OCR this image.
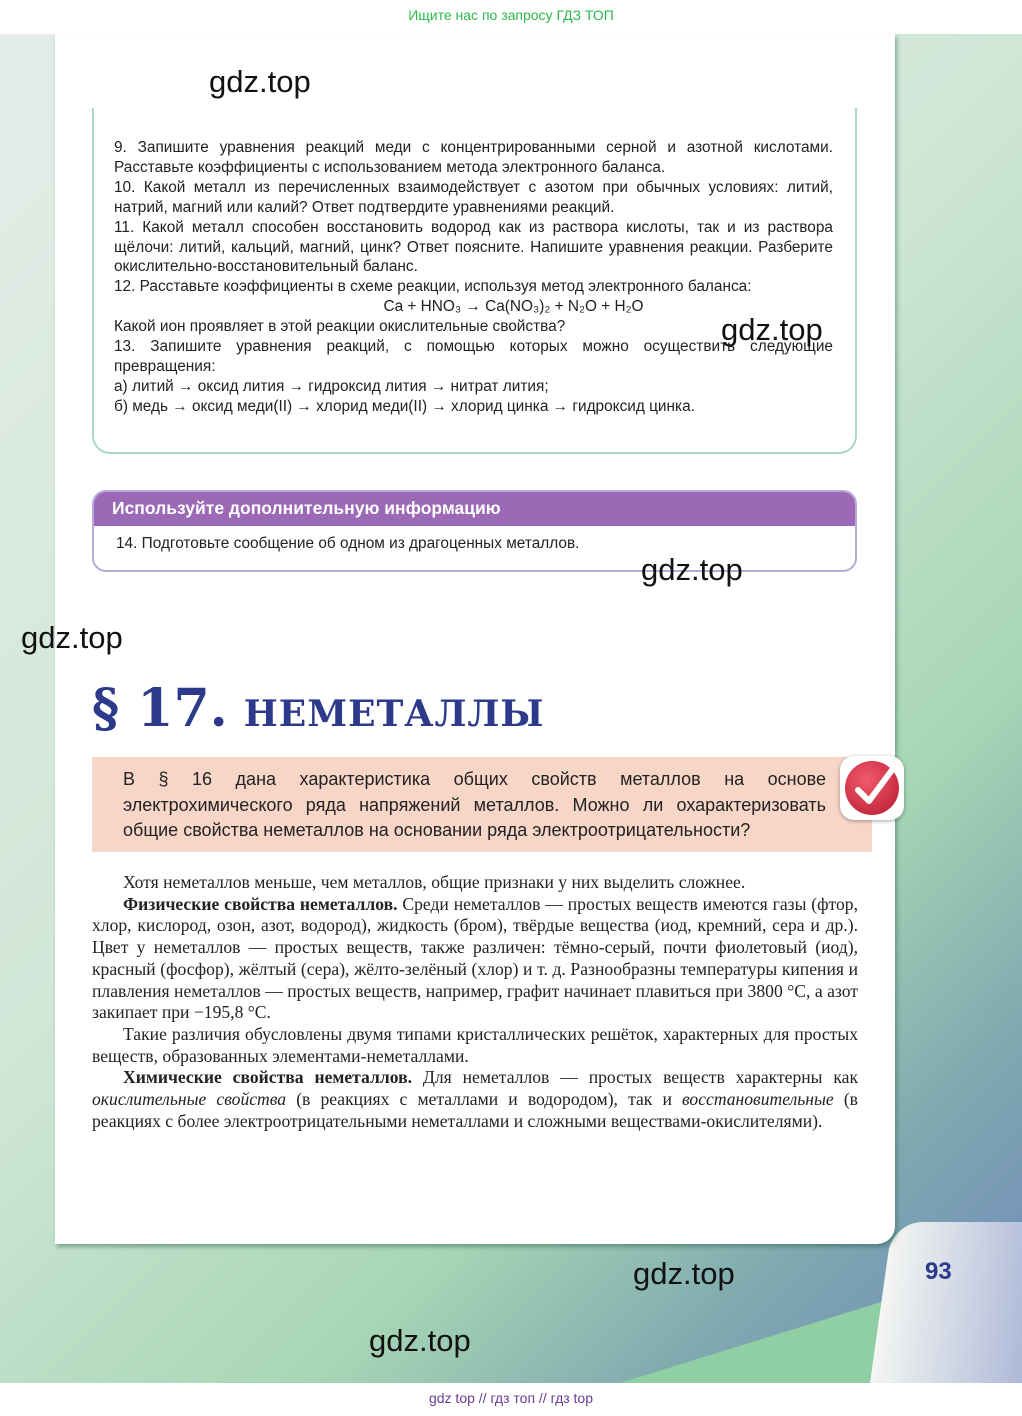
Ищите нас по запросу ГДЗ ТОП

9. Запишите уравнения реакций меди с концентрированными серной и азотной кислотами. Расставьте коэффициенты с использованием метода электронного баланса.

10. Какой металл из перечисленных взаимодействует с азотом при обычных условиях: литий, натрий, магний или калий? Ответ подтвердите уравнениями реакций.

11. Какой металл способен восстановить водород как из раствора кислоты, так и из раствора щёлочи: литий, кальций, магний, цинк? Ответ поясните. Напишите уравнения реакции. Разберите окислительно-восстановительный баланс.

12. Расставьте коэффициенты в схеме реакции, используя метод электронного баланса:

Ca + HNO₃ → Ca(NO₃)₂ + N₂O + H₂O

Какой ион проявляет в этой реакции окислительные свойства?

13. Запишите уравнения реакций, с помощью которых можно осуществить следующие превращения:

а) литий → оксид лития → гидроксид лития → нитрат лития;

б) медь → оксид меди(II) → хлорид меди(II) → хлорид цинка → гидроксид цинка.

Используйте дополнительную информацию
14. Подготовьте сообщение об одном из драгоценных металлов.
§ 17. НЕМЕТАЛЛЫ
В § 16 дана характеристика общих свойств металлов на основе электрохимического ряда напряжений металлов. Можно ли охарактеризовать общие свойства неметаллов на основании ряда электроотрицательности?

Хотя неметаллов меньше, чем металлов, общие признаки у них выделить сложнее.

Физические свойства неметаллов. Среди неметаллов — простых веществ имеются газы (фтор, хлор, кислород, озон, азот, водород), жидкость (бром), твёрдые вещества (иод, кремний, сера и др.). Цвет у неметаллов — простых веществ, также различен: тёмно-серый, почти фиолетовый (иод), красный (фосфор), жёлтый (сера), жёлто-зелёный (хлор) и т. д. Разнообразны температуры кипения и плавления неметаллов — простых веществ, например, графит начинает плавиться при 3800 °С, а азот закипает при −195,8 °С.

Такие различия обусловлены двумя типами кристаллических решёток, характерных для простых веществ, образованных элементами-неметаллами.

Химические свойства неметаллов. Для неметаллов — простых веществ характерны как окислительные свойства (в реакциях с металлами и водородом), так и восстановительные (в реакциях с более электроотрицательными неметаллами и сложными веществами-окислителями).

93
gdz.top
gdz.top
gdz.top
gdz.top
gdz.top
gdz.top
gdz top // гдз топ // гдз top
